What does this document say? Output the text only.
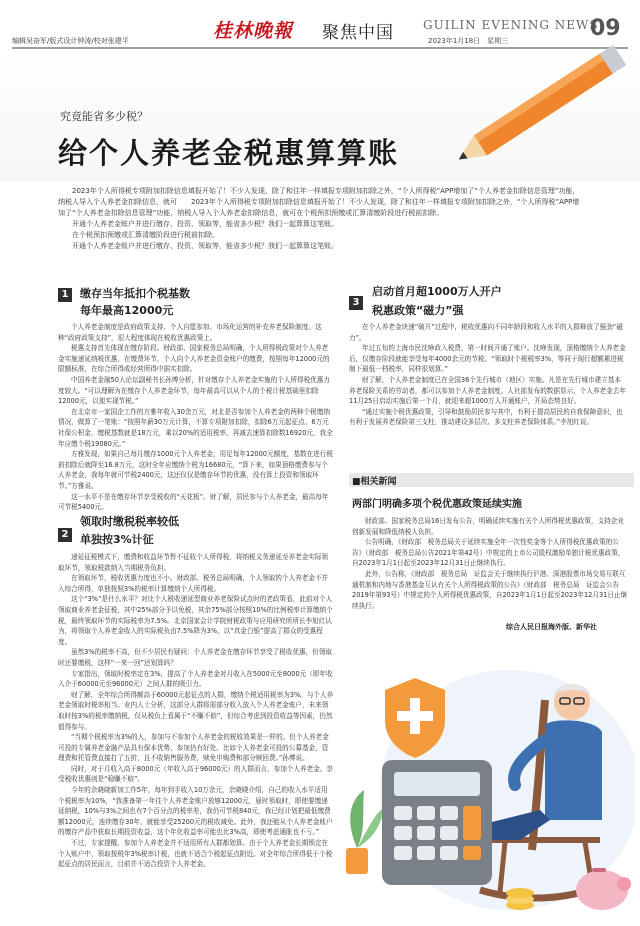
编辑吴奋军/版式设计钟涛/校对张建平	桂林晚報 聚焦中国 GUILIN EVENING NEWS
2023年1月18日　星期三	09
究竟能省多少税？
给个人养老金税惠算算账

2023年个人所得税专项附加扣除信息填报开始了！不少人发现，除了和往年一样填报专项附加扣除之外，“个人所得税”APP增加了“个人养老金扣除信息管理”功能，纳税人导入个人养老金扣除信息，就可　　2023年个人所得税专项附加扣除信息填报开始了！不少人发现，除了和往年一样填报专项附加扣除之外，“个人所得税”APP增加了“个人养老金扣除信息管理”功能，纳税人导入个人养老金扣除信息，就可在个税预扣预缴或汇算清缴阶段进行税前扣除。

开通个人养老金账户并进行缴存、投资、领取等，能省多少税？我们一起算算这笔账。

在个税预扣预缴或汇算清缴阶段进行税前扣除。

开通个人养老金账户并进行缴存、投资、领取等，能省多少税？我们一起算算这笔账。

1	缴存当年抵扣个税基数
每年最高12000元

个人养老金制度是政府政策支持、个人自愿参加、市场化运营的补充养老保险制度。这种“政府政策支持”，很大程度体现在税收优惠政策上。

税惠支持首先体现在缴存阶段。财政部、国家税务总局明确，个人所得税政策对个人养老金实施递延纳税优惠，在缴费环节，个人向个人养老金资金账户的缴费，按照每年12000元的限额标准，在综合所得或经营所得中据实扣除。

中国养老金融50人论坛副秘书长孙博分析，针对缴存个人养老金实施的个人所得税优惠力度较大。“可以理解为在缴存个人养老金环节，每年最高可以从个人的个税计税基础里扣除12000元，以便实现节税。”

在北京市一家国企工作的方雅年收入30余万元，对北是否参加个人养老金的两种个税缴纳情况，做算了一笔账：“按照年薪30万元计算，不算专项附加扣除，扣除6万元起征点、6万元社保公积金，缴税基数就是18万元，乘以20%的适用税率，再减去速算扣除数16920元，我全年应缴个税19080元。”

方雅发现，如果自己每月缴存1000元个人养老金，用足每年12000元额度，基数在进行税前扣除后就降至16.8万元，这时全年应缴纳个税为16680元，“算下来，如果顶格缴费参与个人养老金，我每年就可节税2400元，这还仅仅是缴存环节的优惠，没有算上投资和领取环节。”方雅说。

这一水平不是在缴存环节享受税收的“天花板”。财了解，居民参与个人养老金，最高每年可节税5400元。

2
领取时缴税税率较低
单独按3%计征

递延征税模式下，缴费和收益环节暂不征收个人所得税，将纳税义务递延至养老金实际领取环节，领取税款纳入当期税务负担。

在领取环节，税收优惠力度也不小。财政部、税务总局明确，个人领取的个人养老金不并入综合所得，单独按照3%的税率计算缴纳个人所得税。

这个“3%”是什么水平？对比个人税收递延型商业养老保险试点时的老政策看，此前对个人领取商业养老金征税，其中25%部分予以免税，其余75%部分按照10%的比例税率计算缴纳个税，最终领取环节的实际税率为7.5%。北京国家会计学院财税政策与应用研究所所长李旭红认为，将领取个人养老金收入的实际税负由7.5%降为3%，以“真金白银”提高了群众的受惠程度。

虽然3%的税率不高，但不少居民有疑问：个人养老金在缴存环节享受了税收优惠，但领取时还要缴税，这样“一来一回”还划算吗？

专家指出，领取时税率定在3%，提高了个人养老金对月收入在5000元至8000元（即年收入介于60000元至96000元）之间人群的吸引力。

财了解，全年综合所得额高于60000元起征点的人群，缴纳个税适用税率为3%。与个人养老金领取时税率相当。业内人士分析，这部分人群将需部分收入放入个人养老金账户，未来领取时按3%的税率缴纳税，仅从税负上看属于“不赚不赔”，但综合考虑到投资收益等因素，仍然值得参与。

“当期个税税率为3%的人，参加与不参加个人养老金的税收效果是一样的。但个人养老金可投的专属养老金融产品具有保本优势，参加仍有好处。比如个人养老金可投的公募基金，管理费和托管费直接打了五折，且不收销售服务费，赎免申购费和部分赎回费。”孙博说。

同时，对于月收入高于8000元（年收入高于96000元）的人群而言，参加个人养老金、享受税收优惠则是“稳赚不赔”。

今年的余晓晓新加工作5年，每年到手收入10万余元，余晓晓介绍，自己的收入水平适用个税税率为10%，“我准备第一年往个人养老金账户放够12000元，届时领取时，即使要缴递延纳税，10%与3%之间也有7个百分点的税率差，我仍可节税840元，我已经计划把最低缴费额12000元，连续缴存30年，就能享受25200元的税收减免。此外，我还能从个人养老金账户的缴存产品中获取长期投资收益，这个年化收益率可能也比3%高，即使考虑通胀也不亏。”

不过，专家提醒，参加个人养老金并不适用所有人群都划算。由于个人养老金长期锁定在个人账户中，领取按税年3%税率计税，也就不适合个税起征点附近。对全年综合所得低于个税起征点的居民而言，目前并不适合投资个人养老金。

3
启动首月超1000万人开户
税惠政策“磁力”强

在个人养老金块速“破开”过程中，税收优惠向不同年龄段和收入水平的人群释放了强劲“磁力”。

年过五旬的上海市民沈峥政入税费，第一时间开通了账户。沈峥发现，顶格缴纳个人养老金后，仅缴存阶段就能享受每年4000余元的节税。“领取时个税税率3%，等同于现行超额累进税制下最低一档税率，同样很划算。”

财了解，个人养老金制度已在全国36个先行城市（地区）实施。凡是在先行城市建立基本养老保险关系的劳动者，都可以参加个人养老金制度。人社部发布的数据显示，个人养老金去年11月25日启动实施后第一个月，就迎来超1000万人开通账户，开局态势良好。

“通过实施个税优惠政策，引导和鼓励居民参与其中，有利于提高居民的自我保障意识，也有利于发展养老保险第三支柱，推动建设多层次、多支柱养老保险体系。”李旭红说。

■相关新闻
两部门明确多项个税优惠政策延续实施

财政部、国家税务总局16日发布公告，明确延续实施有关个人所得税优惠政策，支持企业创新发展和降低纳税人负担。

公告明确，《财政部　税务总局关于延续实施全年一次性奖金等个人所得税优惠政策的公告》（财政部　税务总局公告2021年第42号）中规定的上市公司股权激励单独计税优惠政策，自2023年1月1日起至2023年12月31日止继续执行。

此外，公告称，《财政部　税务总局　证监会关于继续执行沪港、深港股票市场交易互联互通机制和内地与香港基金互认有关个人所得税政策的公告》（财政部　税务总局　证监会公告2019年第93号）中规定的个人所得税优惠政策，自2023年1月1日起至2023年12月31日止继续执行。

综合人民日报海外版、新华社
